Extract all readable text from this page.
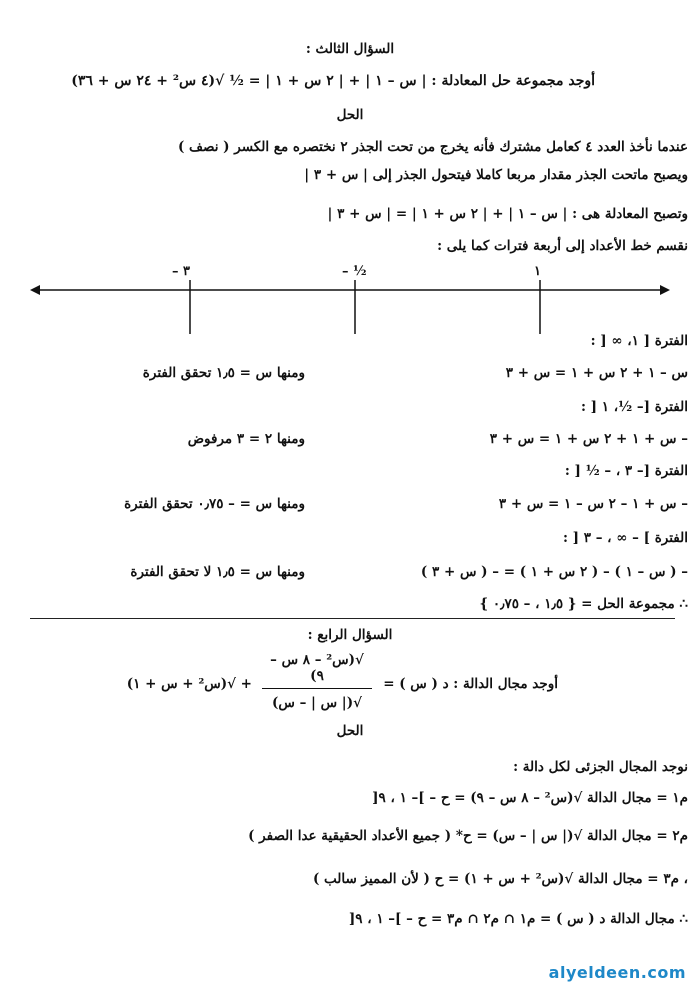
السؤال الثالث :
أوجد مجموعة حل المعادلة : | س – ١ | + | ٢ س + ١ | = ½ √(٤ س² + ٢٤ س + ٣٦)
الحل
عندما نأخذ العدد ٤ كعامل مشترك فأنه يخرج من تحت الجذر ٢ نختصره مع الكسر ( نصف )
ويصبح ماتحت الجذر مقدار مربعا كاملا فيتحول الجذر إلى | س + ٣ |
وتصبح المعادلة هى : | س – ١ | + | ٢ س + ١ | = | س + ٣ |
نقسم خط الأعداد إلى أربعة فترات كما يلى :
٣ –	½ –	١
الفترة [ ١، ∞ [ :
س – ١ + ٢ س + ١ = س + ٣
ومنها س = ١٫٥ تحقق الفترة
الفترة [– ½، ١ [ :
– س + ١ + ٢ س + ١ = س + ٣
ومنها ٢ = ٣ مرفوض
الفترة [– ٣ ، – ½ [ :
– س + ١ – ٢ س – ١ = س + ٣
ومنها س = – ٠٫٧٥ تحقق الفترة
الفترة ] – ∞ ، – ٣ [ :
– ( س – ١ ) – ( ٢ س + ١ ) = – ( س + ٣ )
ومنها س = ١٫٥ لا تحقق الفترة
∴ مجموعة الحل = { ١٫٥ ، – ٠٫٧٥ }
السؤال الرابع :
أوجد مجال الدالة : د ( س ) =
√(س² – ٨ س – ٩)
√(| س | – س)
+ √(س² + س + ١)
الحل
نوجد المجال الجزئى لكل دالة :
م١ = مجال الدالة √(س² – ٨ س – ٩) = ح – ]– ١ ، ٩[
م٢ = مجال الدالة √(| س | – س) = ح* ( جميع الأعداد الحقيقية عدا الصفر )
، م٣ = مجال الدالة √(س² + س + ١) = ح ( لأن المميز سالب )
∴ مجال الدالة د ( س ) = م١ ∩ م٢ ∩ م٣ = ح – ]– ١ ، ٩[
alyeldeen.com
